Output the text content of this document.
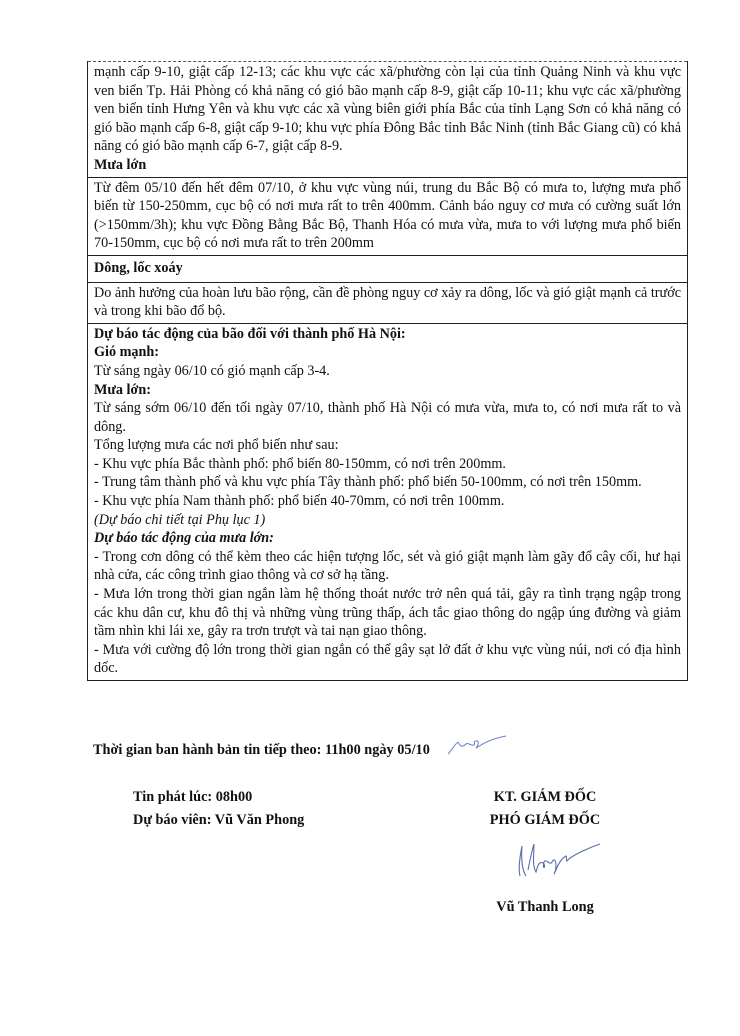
mạnh cấp 9-10, giật cấp 12-13; các khu vực các xã/phường còn lại của tỉnh Quảng Ninh và khu vực ven biển Tp. Hải Phòng có khả năng có gió bão mạnh cấp 8-9, giật cấp 10-11; khu vực các xã/phường ven biển tỉnh Hưng Yên và khu vực các xã vùng biên giới phía Bắc của tỉnh Lạng Sơn có khả năng có gió bão mạnh cấp 6-8, giật cấp 9-10; khu vực phía Đông Bắc tỉnh Bắc Ninh (tỉnh Bắc Giang cũ) có khả năng có gió bão mạnh cấp 6-7, giật cấp 8-9.
Mưa lớn

Từ đêm 05/10 đến hết đêm 07/10, ở khu vực vùng núi, trung du Bắc Bộ có mưa to, lượng mưa phổ biến từ 150-250mm, cục bộ có nơi mưa rất to trên 400mm. Cảnh báo nguy cơ mưa có cường suất lớn (>150mm/3h); khu vực Đồng Bằng Bắc Bộ, Thanh Hóa có mưa vừa, mưa to với lượng mưa phổ biến 70-150mm, cục bộ có nơi mưa rất to trên 200mm
Dông, lốc xoáy
Do ảnh hưởng của hoàn lưu bão rộng, cần đề phòng nguy cơ xảy ra dông, lốc và gió giật mạnh cả trước và trong khi bão đổ bộ.

Dự báo tác động của bão đối với thành phố Hà Nội:
Gió mạnh:
Từ sáng ngày 06/10 có gió mạnh cấp 3-4.
Mưa lớn:
Từ sáng sớm 06/10 đến tối ngày 07/10, thành phố Hà Nội có mưa vừa, mưa to, có nơi mưa rất to và dông.
Tổng lượng mưa các nơi phổ biến như sau:
- Khu vực phía Bắc thành phố: phổ biến 80-150mm, có nơi trên 200mm.
- Trung tâm thành phố và khu vực phía Tây thành phố: phổ biến 50-100mm, có nơi trên 150mm.
- Khu vực phía Nam thành phố: phổ biến 40-70mm, có nơi trên 100mm.
(Dự báo chi tiết tại Phụ lục 1)
Dự báo tác động của mưa lớn:
- Trong cơn dông có thể kèm theo các hiện tượng lốc, sét và gió giật mạnh làm gãy đổ cây cối, hư hại nhà cửa, các công trình giao thông và cơ sở hạ tầng.
- Mưa lớn trong thời gian ngắn làm hệ thống thoát nước trở nên quá tải, gây ra tình trạng ngập trong các khu dân cư, khu đô thị và những vùng trũng thấp, ách tắc giao thông do ngập úng đường và giảm tầm nhìn khi lái xe, gây ra trơn trượt và tai nạn giao thông.
- Mưa với cường độ lớn trong thời gian ngắn có thể gây sạt lở đất ở khu vực vùng núi, nơi có địa hình dốc.
Thời gian ban hành bản tin tiếp theo: 11h00 ngày 05/10
Tin phát lúc: 08h00
Dự báo viên: Vũ Văn Phong
KT. GIÁM ĐỐC
PHÓ GIÁM ĐỐC
Vũ Thanh Long
